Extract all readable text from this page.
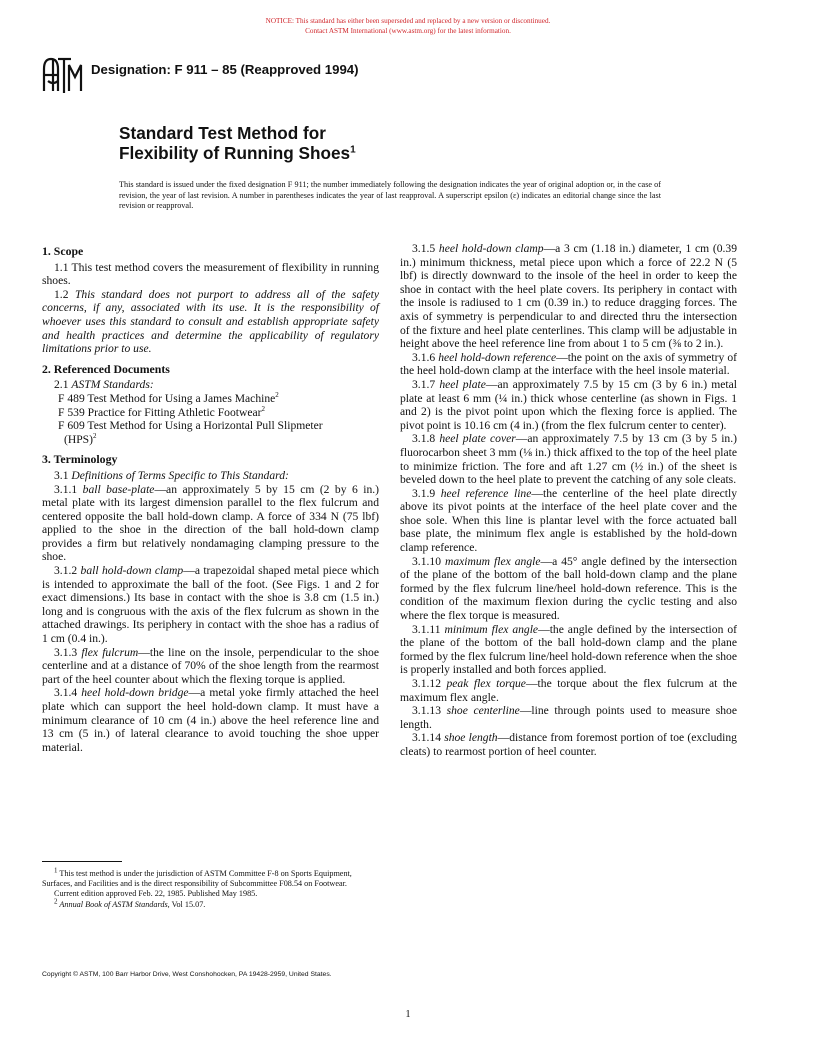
NOTICE: This standard has either been superseded and replaced by a new version or discontinued.
Contact ASTM International (www.astm.org) for the latest information.
Designation: F 911 – 85 (Reapproved 1994)
Standard Test Method for
Flexibility of Running Shoes$^1$
This standard is issued under the fixed designation F 911; the number immediately following the designation indicates the year of original adoption or, in the case of revision, the year of last revision. A number in parentheses indicates the year of last reapproval. A superscript epsilon (ε) indicates an editorial change since the last revision or reapproval.
1. Scope

1.1 This test method covers the measurement of flexibility in running shoes.

1.2 This standard does not purport to address all of the safety concerns, if any, associated with its use. It is the responsibility of whoever uses this standard to consult and establish appropriate safety and health practices and determine the applicability of regulatory limitations prior to use.

2. Referenced Documents

2.1 ASTM Standards:

F 489 Test Method for Using a James Machine$^2$

F 539 Practice for Fitting Athletic Footwear$^2$

F 609 Test Method for Using a Horizontal Pull Slipmeter

(HPS)$^2$

3. Terminology

3.1 Definitions of Terms Specific to This Standard:

3.1.1 ball base-plate—an approximately 5 by 15 cm (2 by 6 in.) metal plate with its largest dimension parallel to the flex fulcrum and centered opposite the ball hold-down clamp. A force of 334 N (75 lbf) applied to the shoe in the direction of the ball hold-down clamp provides a firm but relatively nondamaging clamping pressure to the shoe.

3.1.2 ball hold-down clamp—a trapezoidal shaped metal piece which is intended to approximate the ball of the foot. (See Figs. 1 and 2 for exact dimensions.) Its base in contact with the shoe is 3.8 cm (1.5 in.) long and is congruous with the axis of the flex fulcrum as shown in the attached drawings. Its periphery in contact with the shoe has a radius of 1 cm (0.4 in.).

3.1.3 flex fulcrum—the line on the insole, perpendicular to the shoe centerline and at a distance of 70% of the shoe length from the rearmost part of the heel counter about which the flexing torque is applied.

3.1.4 heel hold-down bridge—a metal yoke firmly attached the heel plate which can support the heel hold-down clamp. It must have a minimum clearance of 10 cm (4 in.) above the heel reference line and 13 cm (5 in.) of lateral clearance to avoid touching the shoe upper material.

3.1.5 heel hold-down clamp—a 3 cm (1.18 in.) diameter, 1 cm (0.39 in.) minimum thickness, metal piece upon which a force of 22.2 N (5 lbf) is directly downward to the insole of the heel in order to keep the shoe in contact with the heel plate covers. Its periphery in contact with the insole is radiused to 1 cm (0.39 in.) to reduce dragging forces. The axis of symmetry is perpendicular to and directed thru the intersection of the fixture and heel plate centerlines. This clamp will be adjustable in height above the heel reference line from about 1 to 5 cm (⅜ to 2 in.).

3.1.6 heel hold-down reference—the point on the axis of symmetry of the heel hold-down clamp at the interface with the heel insole material.

3.1.7 heel plate—an approximately 7.5 by 15 cm (3 by 6 in.) metal plate at least 6 mm (¼ in.) thick whose centerline (as shown in Figs. 1 and 2) is the pivot point upon which the flexing force is applied. The pivot point is 10.16 cm (4 in.) (from the flex fulcrum center to center).

3.1.8 heel plate cover—an approximately 7.5 by 13 cm (3 by 5 in.) fluorocarbon sheet 3 mm (⅛ in.) thick affixed to the top of the heel plate to minimize friction. The fore and aft 1.27 cm (½ in.) of the sheet is beveled down to the heel plate to prevent the catching of any sole cleats.

3.1.9 heel reference line—the centerline of the heel plate directly above its pivot points at the interface of the heel plate cover and the shoe sole. When this line is plantar level with the force actuated ball base plate, the minimum flex angle is established by the hold-down clamp reference.

3.1.10 maximum flex angle—a 45° angle defined by the intersection of the plane of the bottom of the ball hold-down clamp and the plane formed by the flex fulcrum line/heel hold-down reference. This is the condition of the maximum flexion during the cyclic testing and also where the flex torque is measured.

3.1.11 minimum flex angle—the angle defined by the intersection of the plane of the bottom of the ball hold-down clamp and the plane formed by the flex fulcrum line/heel hold-down reference when the shoe is properly installed and both forces applied.

3.1.12 peak flex torque—the torque about the flex fulcrum at the maximum flex angle.

3.1.13 shoe centerline—line through points used to measure shoe length.

3.1.14 shoe length—distance from foremost portion of toe (excluding cleats) to rearmost portion of heel counter.

$^1$ This test method is under the jurisdiction of ASTM Committee F-8 on Sports Equipment, Surfaces, and Facilities and is the direct responsibility of Subcommittee F08.54 on Footwear.

Current edition approved Feb. 22, 1985. Published May 1985.

$^2$ Annual Book of ASTM Standards, Vol 15.07.

Copyright © ASTM, 100 Barr Harbor Drive, West Conshohocken, PA 19428-2959, United States.
1
